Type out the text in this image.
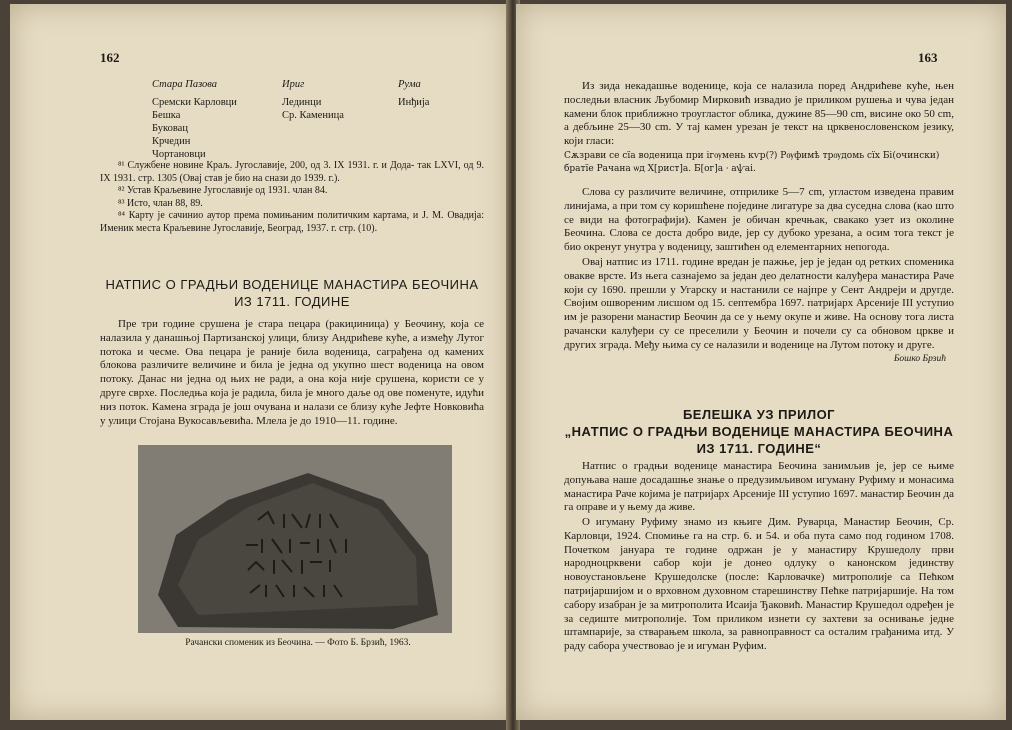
162
Стара Пазова
Сремски Карловци
Бешка
Буковац
Крчедин
Чортановци
Ириг
Лединци
Ср. Каменица
Рума
Инђија
⁸¹ Службене новине Краљ. Југославије, 200, од 3. IX 1931. г. и Дода- так LXVI, од 9. IX 1931. стр. 1305 (Овај став је био на снази до 1939. г.).
⁸² Устав Краљевине Југославије од 1931. члан 84.
⁸³ Исто, члан 88, 89.
⁸⁴ Карту је сачинио аутор према помињаним политичким картама, и Ј. М. Овадија: Именик места Краљевине Југославије, Београд, 1937. г. стр. (10).
НАТПИС О ГРАДЊИ ВОДЕНИЦЕ МАНАСТИРА БЕОЧИНА
ИЗ 1711. ГОДИНЕ
Пре три године срушена је стара пецара (ракиџиница) у Беочину, која се налазила у данашњој Партизанској улици, близу Андрићеве куће, а између Лутог потока и чесме. Ова пецара је раније била воденица, саграђена од камених блокова различите величине и била је једна од укупно шест воденица на овом потоку. Данас ни једна од њих не ради, а она која није срушена, користи се у друге сврхе. Последња која је радила, била је много даље од ове поменуте, идући низ поток. Камена зграда је још очувана и налази се близу куће Јефте Новковића у улици Стојана Вукосављевића. Млела је до 1910—11. године.
Рачански споменик из Беочина. — Фото Б. Брзић, 1963.
163
Из зида некадашње воденице, која се налазила поред Андрићеве куће, њен последњи власник Љубомир Мирковић извадио је приликом рушења и чува један камени блок приближно троугластог облика, дужине 85—90 cm, висине око 50 cm, а дебљине 25—30 cm. У тај камен урезан је текст на црквенословенском језику, који гласи:
Сѫзрави се сїа воденица при ігѹмень кѵр(?) Рѹфимѣ трѹдомь сїх Бі(очински)
братїе Рачана ѡд Х[рист]а. Б[ог]а ⸱ аѱаі.
Слова су различите величине, отприлике 5—7 cm, угластом изведена правим линијама, а при том су коришћене поједине лигатуре за два суседна слова (као што се види на фотографији). Камен је обичан кречњак, свакако узет из околине Беочина. Слова се доста добро виде, јер су дубоко урезана, а осим тога текст је био окренут унутра у воденицу, заштићен од елементарних непогода.
Овај натпис из 1711. године вредан је пажње, јер је један од ретких споменика овакве врсте. Из њега сазнајемо за један део делатности калуђера манастира Раче који су 1690. прешли у Угарску и настанили се најпре у Сент Андреји и другде. Својим ошвореним лисшом од 15. септембра 1697. патријарх Арсеније III уступио им је разорени манастир Беочин да се у њему окупе и живе. На основу тога листа рачански калуђери су се преселили у Беочин и почели су са обновом цркве и других зграда. Међу њима су се налазили и воденице на Лутом потоку и друге.
Бошко Брзић
БЕЛЕШКА УЗ ПРИЛОГ
„НАТПИС О ГРАДЊИ ВОДЕНИЦЕ МАНАСТИРА БЕОЧИНА
ИЗ 1711. ГОДИНЕ“
Натпис о градњи воденице манастира Беочина занимљив је, јер се њиме допуњава наше досадашње знање о предузимљивом игуману Руфиму и монасима манастира Раче којима је патријарх Арсеније III уступио 1697. манастир Беочин да га оправе и у њему да живе.
О игуману Руфиму знамо из књиге Дим. Руварца, Манастир Беочин, Ср. Карловци, 1924. Спомиње га на стр. 6. и 54. и оба пута само под годином 1708. Почетком јануара те године одржан је у манастиру Крушедолу први народноцрквени сабор који је донео одлуку о канонском јединству новоустановљене Крушедолске (после: Карловачке) митрополије са Пећком патријаршијом и о врховном духовном старешинству Пећке патријаршије. На том сабору изабран је за митрополита Исаија Ђаковић. Манастир Крушедол одређен је за седиште митрополије. Том приликом изнети су захтеви за оснивање једне штампарије, за стварањем школа, за равноправност са осталим грађанима итд. У раду сабора учествовао је и игуман Руфим.
